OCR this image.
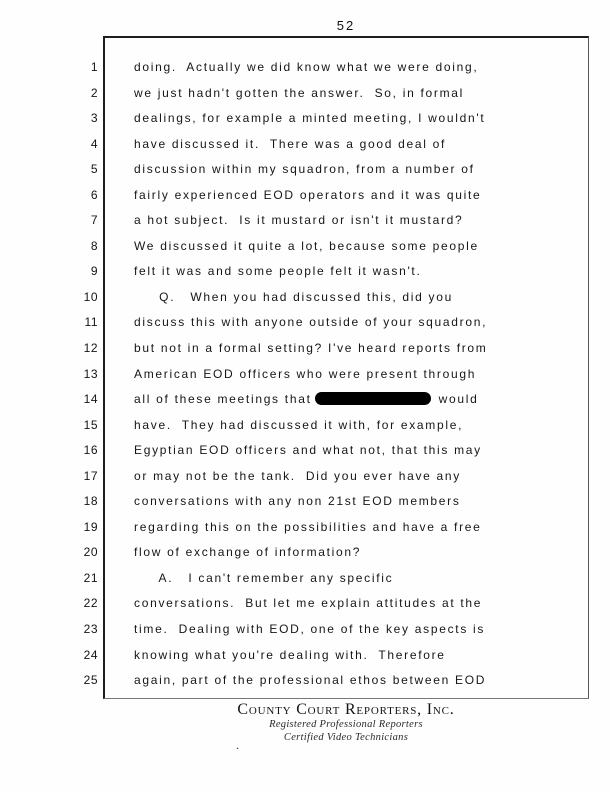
52
1	doing.  Actually we did know what we were doing,
2	we just hadn't gotten the answer.  So, in formal
3	dealings, for example a minted meeting, I wouldn't
4	have discussed it.  There was a good deal of
5	discussion within my squadron, from a number of
6	fairly experienced EOD operators and it was quite
7	a hot subject.  Is it mustard or isn't it mustard?
8	We discussed it quite a lot, because some people
9	felt it was and some people felt it wasn't.
10	Q.   When you had discussed this, did you
11	discuss this with anyone outside of your squadron,
12	but not in a formal setting? I've heard reports from
13	American EOD officers who were present through
14	all of these meetings that	would
15	have.  They had discussed it with, for example,
16	Egyptian EOD officers and what not, that this may
17	or may not be the tank.  Did you ever have any
18	conversations with any non 21st EOD members
19	regarding this on the possibilities and have a free
20	flow of exchange of information?
21	A.   I can't remember any specific
22	conversations.  But let me explain attitudes at the
23	time.  Dealing with EOD, one of the key aspects is
24	knowing what you're dealing with.  Therefore
25	again, part of the professional ethos between EOD
County Court Reporters, Inc.
Registered Professional Reporters
Certified Video Technicians
.
